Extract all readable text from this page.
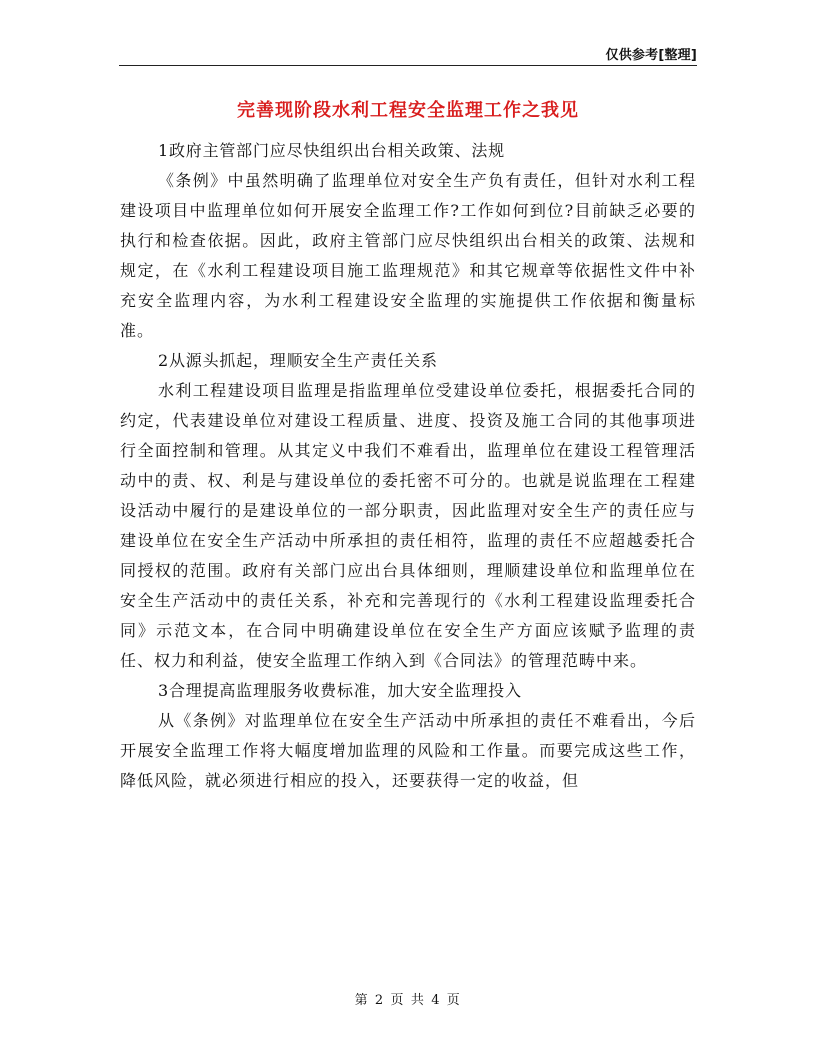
仅供参考[整理]
完善现阶段水利工程安全监理工作之我见

1政府主管部门应尽快组织出台相关政策、法规

《条例》中虽然明确了监理单位对安全生产负有责任，但针对水利工程建设项目中监理单位如何开展安全监理工作?工作如何到位?目前缺乏必要的执行和检查依据。因此，政府主管部门应尽快组织出台相关的政策、法规和规定，在《水利工程建设项目施工监理规范》和其它规章等依据性文件中补充安全监理内容，为水利工程建设安全监理的实施提供工作依据和衡量标准。

2从源头抓起，理顺安全生产责任关系

水利工程建设项目监理是指监理单位受建设单位委托，根据委托合同的约定，代表建设单位对建设工程质量、进度、投资及施工合同的其他事项进行全面控制和管理。从其定义中我们不难看出，监理单位在建设工程管理活动中的责、权、利是与建设单位的委托密不可分的。也就是说监理在工程建设活动中履行的是建设单位的一部分职责，因此监理对安全生产的责任应与建设单位在安全生产活动中所承担的责任相符，监理的责任不应超越委托合同授权的范围。政府有关部门应出台具体细则，理顺建设单位和监理单位在安全生产活动中的责任关系，补充和完善现行的《水利工程建设监理委托合同》示范文本，在合同中明确建设单位在安全生产方面应该赋予监理的责任、权力和利益，使安全监理工作纳入到《合同法》的管理范畴中来。

3合理提高监理服务收费标准，加大安全监理投入

从《条例》对监理单位在安全生产活动中所承担的责任不难看出，今后开展安全监理工作将大幅度增加监理的风险和工作量。而要完成这些工作，降低风险，就必须进行相应的投入，还要获得一定的收益，但

第 2 页 共 4 页
